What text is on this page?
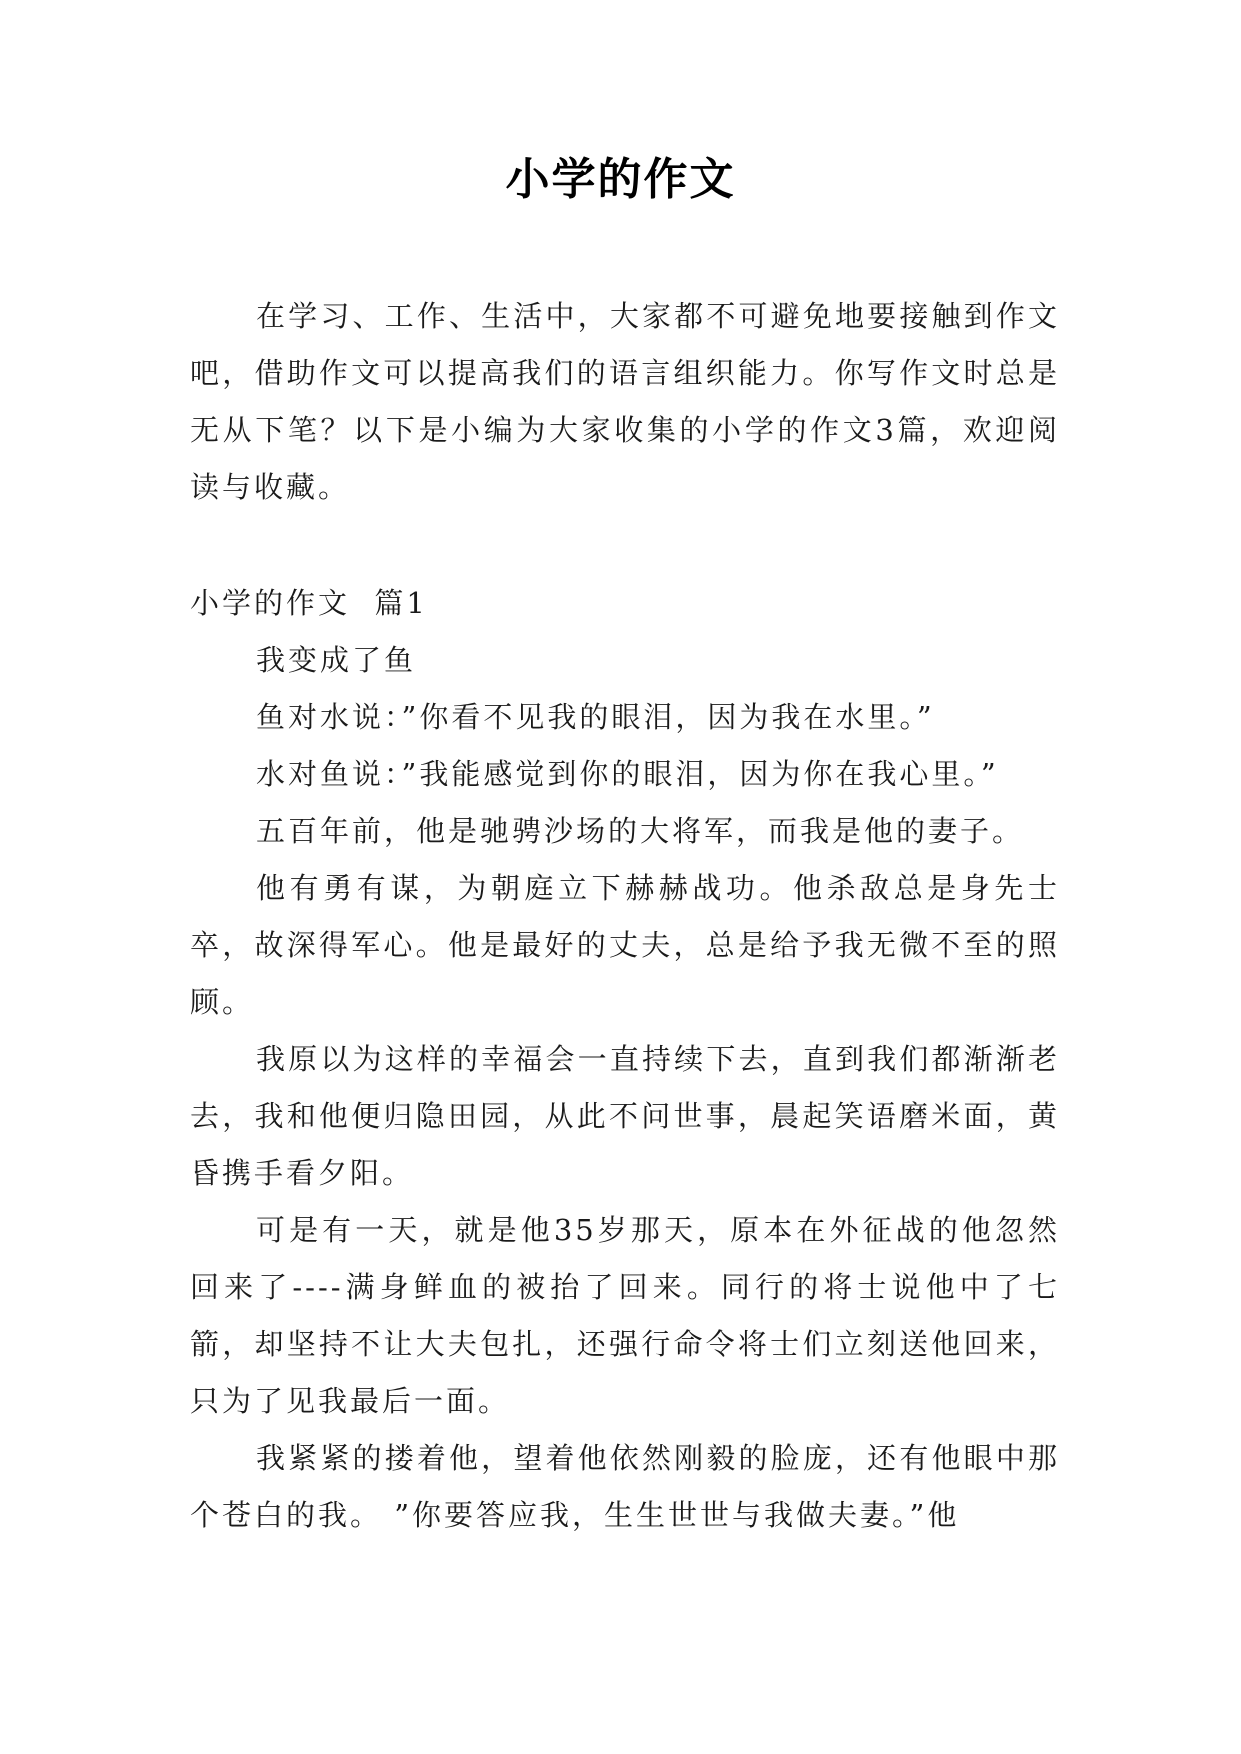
小学的作文

在学习、工作、生活中，大家都不可避免地要接触到作文吧，借助作文可以提高我们的语言组织能力。你写作文时总是无从下笔？以下是小编为大家收集的小学的作文3篇，欢迎阅读与收藏。

小学的作文  篇1

我变成了鱼

鱼对水说：”你看不见我的眼泪，因为我在水里。”

水对鱼说：”我能感觉到你的眼泪，因为你在我心里。”

五百年前，他是驰骋沙场的大将军，而我是他的妻子。

他有勇有谋，为朝庭立下赫赫战功。他杀敌总是身先士卒，故深得军心。他是最好的丈夫，总是给予我无微不至的照顾。

我原以为这样的幸福会一直持续下去，直到我们都渐渐老去，我和他便归隐田园，从此不问世事，晨起笑语磨米面，黄昏携手看夕阳。

可是有一天，就是他35岁那天，原本在外征战的他忽然回来了----满身鲜血的被抬了回来。同行的将士说他中了七箭，却坚持不让大夫包扎，还强行命令将士们立刻送他回来，只为了见我最后一面。

我紧紧的搂着他，望着他依然刚毅的脸庞，还有他眼中那个苍白的我。 ”你要答应我，生生世世与我做夫妻。”他
